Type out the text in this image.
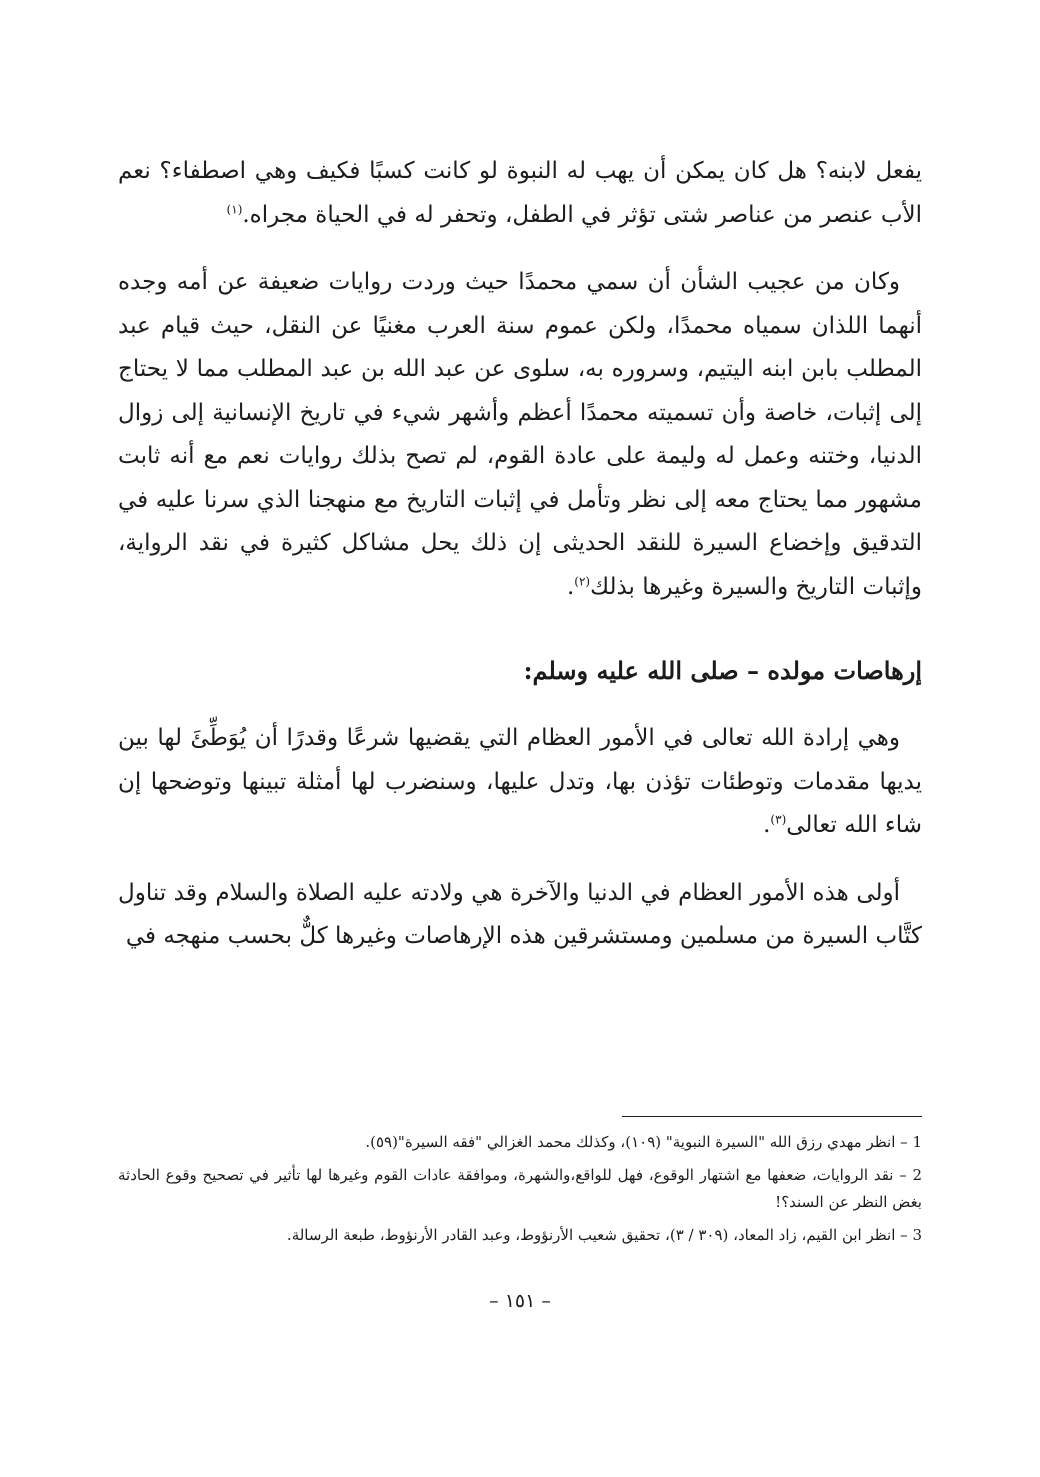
يفعل لابنه؟ هل كان يمكن أن يهب له النبوة لو كانت كسبًا فكيف وهي اصطفاء؟ نعم الأب عنصر من عناصر شتى تؤثر في الطفل، وتحفر له في الحياة مجراه.$^{(١)}$

وكان من عجيب الشأن أن سمي محمدًا حيث وردت روايات ضعيفة عن أمه وجده أنهما اللذان سمياه محمدًا، ولكن عموم سنة العرب مغنيًا عن النقل، حيث قيام عبد المطلب بابن ابنه اليتيم، وسروره به، سلوى عن عبد الله بن عبد المطلب مما لا يحتاج إلى إثبات، خاصة وأن تسميته محمدًا أعظم وأشهر شيء في تاريخ الإنسانية إلى زوال الدنيا، وختنه وعمل له وليمة على عادة القوم، لم تصح بذلك روايات نعم مع أنه ثابت مشهور مما يحتاج معه إلى نظر وتأمل في إثبات التاريخ مع منهجنا الذي سرنا عليه في التدقيق وإخضاع السيرة للنقد الحديثى إن ذلك يحل مشاكل كثيرة في نقد الرواية، وإثبات التاريخ والسيرة وغيرها بذلك$^{(٢)}$.

إرهاصات مولده – صلى الله عليه وسلم:

وهي إرادة الله تعالى في الأمور العظام التي يقضيها شرعًا وقدرًا أن يُوَطِّئَ لها بين يديها مقدمات وتوطئات تؤذن بها، وتدل عليها، وسنضرب لها أمثلة تبينها وتوضحها إن شاء الله تعالى$^{(٣)}$.

أولى هذه الأمور العظام في الدنيا والآخرة هي ولادته عليه الصلاة والسلام وقد تناول كتَّاب السيرة من مسلمين ومستشرقين هذه الإرهاصات وغيرها كلٌّ بحسب منهجه في

1 – انظر مهدي رزق الله "السيرة النبوية" (١٠٩)، وكذلك محمد الغزالي "فقه السيرة"(٥٩).

2 – نقد الروايات، ضعفها مع اشتهار الوقوع، فهل للواقع،والشهرة، وموافقة عادات القوم وغيرها لها تأثير في تصحيح وقوع الحادثة بغض النظر عن السند؟!

3 – انظر ابن القيم، زاد المعاد، (٣٠٩ / ٣)، تحقيق شعيب الأرنؤوط، وعبد القادر الأرنؤوط، طبعة الرسالة.

– ١٥١ –
